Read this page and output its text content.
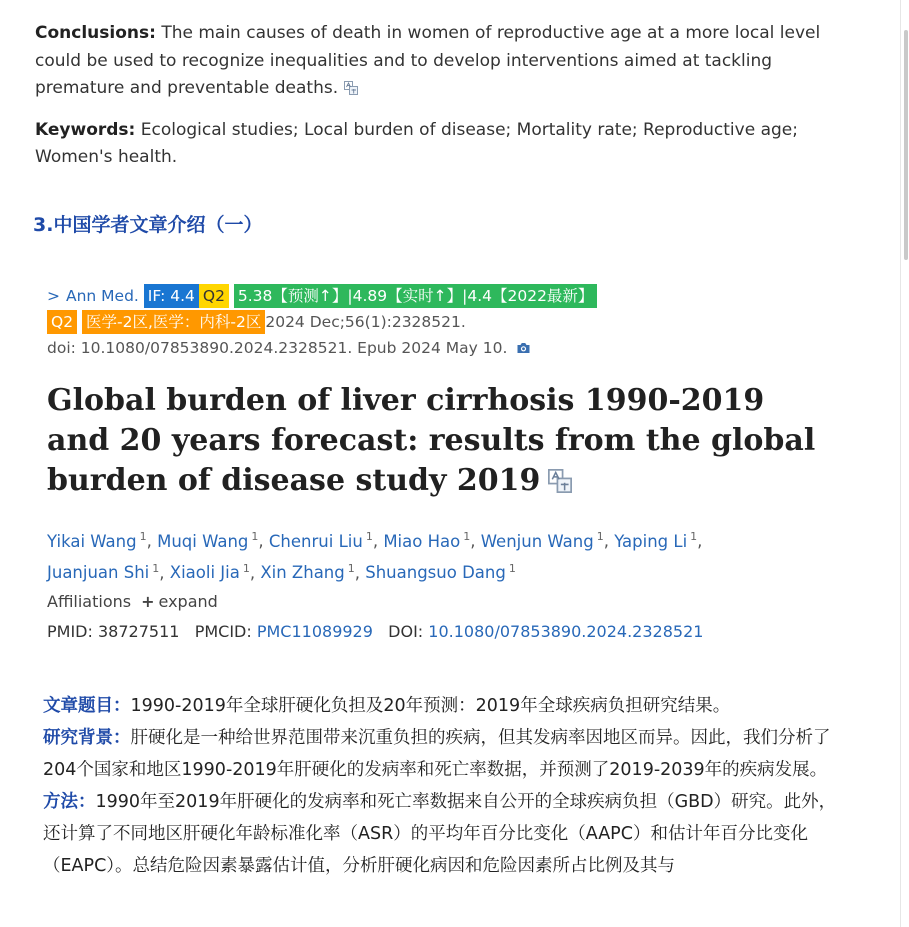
Conclusions: The main causes of death in women of reproductive age at a more local level could be used to recognize inequalities and to develop interventions aimed at tackling premature and preventable deaths.

Keywords: Ecological studies; Local burden of disease; Mortality rate; Reproductive age; Women's health.

3.中国学者文章介绍（一）
> Ann Med. IF: 4.4 Q2 5.38【预测↑】|4.89【实时↑】|4.4【2022最新】
Q2 医学-2区,医学：内科-2区 2024 Dec;56(1):2328521.
doi: 10.1080/07853890.2024.2328521. Epub 2024 May 10.
Global burden of liver cirrhosis 1990-2019 and 20 years forecast: results from the global burden of disease study 2019
Yikai Wang $^1$, Muqi Wang $^1$, Chenrui Liu $^1$, Miao Hao $^1$, Wenjun Wang $^1$, Yaping Li $^1$,
Juanjuan Shi $^1$, Xiaoli Jia $^1$, Xin Zhang $^1$, Shuangsuo Dang $^1$
Affiliations + expand
PMID: 38727511 PMCID: PMC11089929 DOI: 10.1080/07853890.2024.2328521

文章题目：1990-2019年全球肝硬化负担及20年预测：2019年全球疾病负担研究结果。

研究背景：肝硬化是一种给世界范围带来沉重负担的疾病，但其发病率因地区而异。因此，我们分析了204个国家和地区1990-2019年肝硬化的发病率和死亡率数据，并预测了2019-2039年的疾病发展。

方法：1990年至2019年肝硬化的发病率和死亡率数据来自公开的全球疾病负担（GBD）研究。此外，还计算了不同地区肝硬化年龄标准化率（ASR）的平均年百分比变化（AAPC）和估计年百分比变化（EAPC）。总结危险因素暴露估计值，分析肝硬化病因和危险因素所占比例及其与
